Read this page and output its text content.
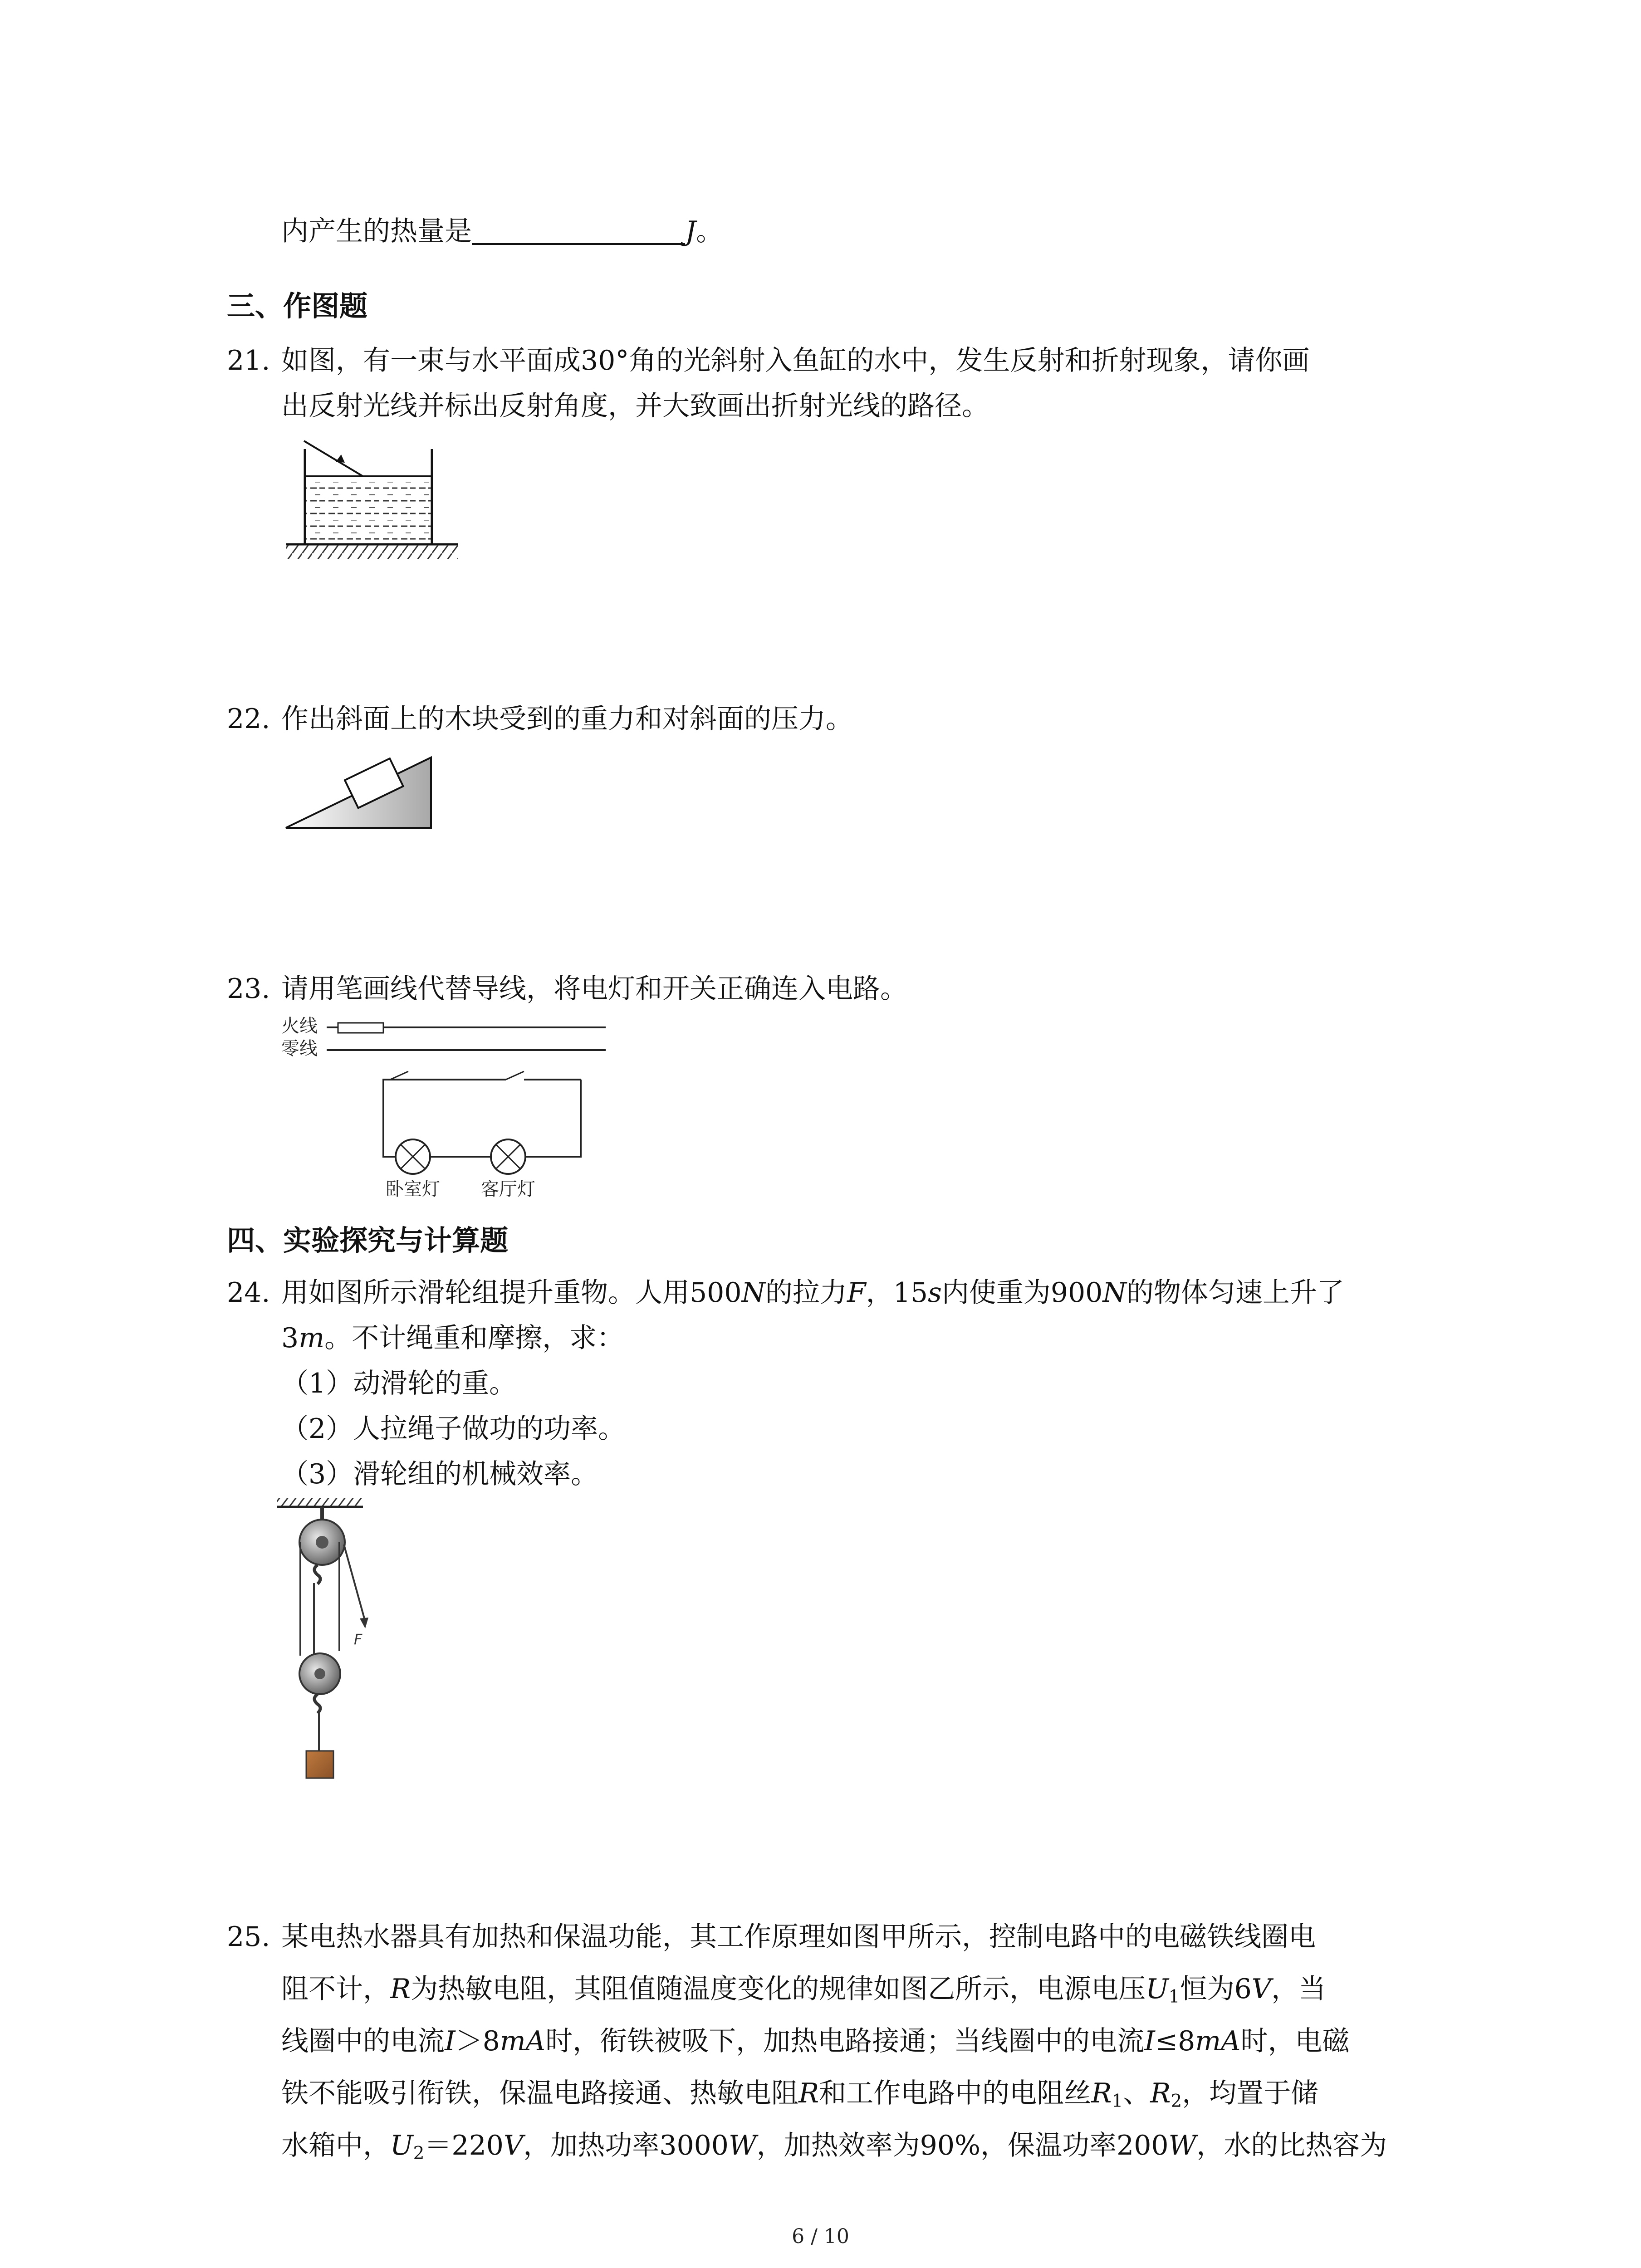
内产生的热量是	J。
三、作图题
21. 如图，有一束与水平面成30°角的光斜射入鱼缸的水中，发生反射和折射现象，请你画
出反射光线并标出反射角度，并大致画出折射光线的路径。
22. 作出斜面上的木块受到的重力和对斜面的压力。
23. 请用笔画线代替导线，将电灯和开关正确连入电路。
火线
零线
卧室灯 客厅灯
四、实验探究与计算题
24. 用如图所示滑轮组提升重物。人用500N的拉力F，15s内使重为900N的物体匀速上升了
3m。不计绳重和摩擦，求：
（1）动滑轮的重。
（2）人拉绳子做功的功率。
（3）滑轮组的机械效率。
F
25. 某电热水器具有加热和保温功能，其工作原理如图甲所示，控制电路中的电磁铁线圈电
阻不计，R为热敏电阻，其阻值随温度变化的规律如图乙所示，电源电压$U_1$恒为6V，当
线圈中的电流I＞8mA时，衔铁被吸下，加热电路接通；当线圈中的电流I≤8mA时，电磁
铁不能吸引衔铁，保温电路接通、热敏电阻R和工作电路中的电阻丝$R_1$、$R_2$，均置于储
水箱中，$U_2=220V$，加热功率3000W，加热效率为90%，保温功率200W，水的比热容为
6 / 10
